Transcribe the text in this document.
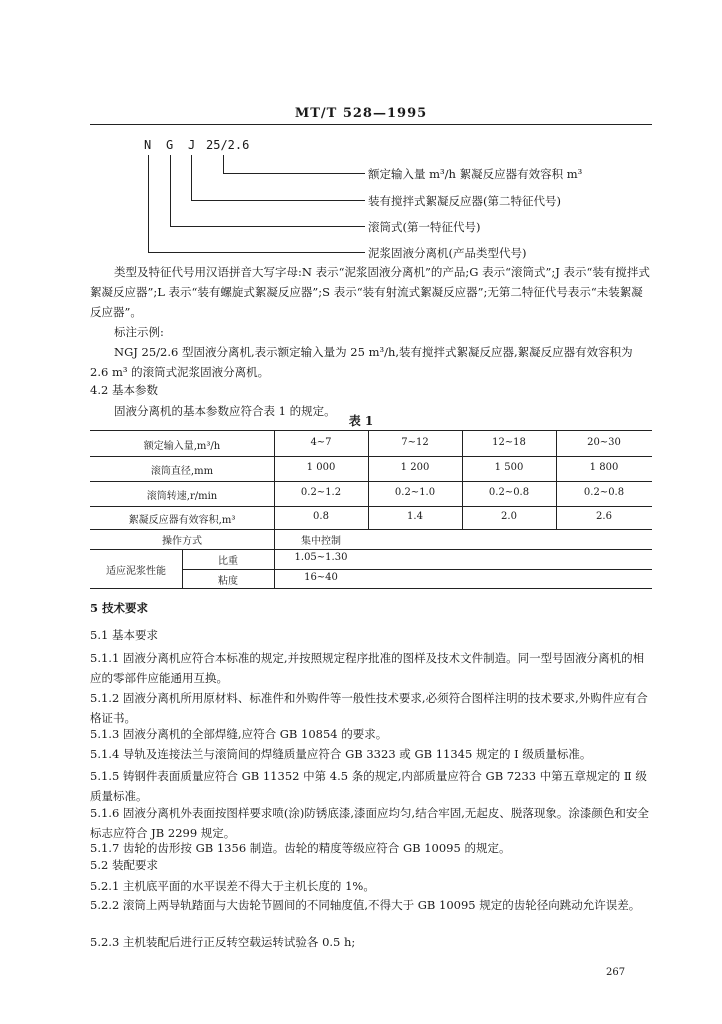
MT/T 528—1995
N G J 25/2.6
额定输入量 m³/h 絮凝反应器有效容积 m³
装有搅拌式絮凝反应器(第二特征代号)
滚筒式(第一特征代号)
泥浆固液分离机(产品类型代号)
类型及特征代号用汉语拼音大写字母:N 表示“泥浆固液分离机”的产品;G 表示“滚筒式”;J 表示“装有搅拌式絮凝反应器”;L 表示“装有螺旋式絮凝反应器”;S 表示“装有射流式絮凝反应器”;无第二特征代号表示“未装絮凝反应器”。
标注示例:
NGJ 25/2.6 型固液分离机,表示额定输入量为 25 m³/h,装有搅拌式絮凝反应器,絮凝反应器有效容积为 2.6 m³ 的滚筒式泥浆固液分离机。
4.2 基本参数
固液分离机的基本参数应符合表 1 的规定。
表 1
额定输入量,m³/h	4~7	7~12	12~18	20~30
滚筒直径,mm	1 000	1 200	1 500	1 800
滚筒转速,r/min	0.2~1.2	0.2~1.0	0.2~0.8	0.2~0.8
絮凝反应器有效容积,m³	0.8	1.4	2.0	2.6
操作方式	集中控制
适应泥浆性能
比重	1.05~1.30
粘度	16~40
5 技术要求
5.1 基本要求
5.1.1 固液分离机应符合本标准的规定,并按照规定程序批准的图样及技术文件制造。同一型号固液分离机的相应的零部件应能通用互换。
5.1.2 固液分离机所用原材料、标准件和外购件等一般性技术要求,必须符合图样注明的技术要求,外购件应有合格证书。
5.1.3 固液分离机的全部焊缝,应符合 GB 10854 的要求。
5.1.4 导轨及连接法兰与滚筒间的焊缝质量应符合 GB 3323 或 GB 11345 规定的 I 级质量标准。
5.1.5 铸钢件表面质量应符合 GB 11352 中第 4.5 条的规定,内部质量应符合 GB 7233 中第五章规定的 Ⅱ 级质量标准。
5.1.6 固液分离机外表面按图样要求喷(涂)防锈底漆,漆面应均匀,结合牢固,无起皮、脱落现象。涂漆颜色和安全标志应符合 JB 2299 规定。
5.1.7 齿轮的齿形按 GB 1356 制造。齿轮的精度等级应符合 GB 10095 的规定。
5.2 装配要求
5.2.1 主机底平面的水平误差不得大于主机长度的 1%。
5.2.2 滚筒上两导轨踏面与大齿轮节圆间的不同轴度值,不得大于 GB 10095 规定的齿轮径向跳动允许误差。
5.2.3 主机装配后进行正反转空载运转试验各 0.5 h;
267
